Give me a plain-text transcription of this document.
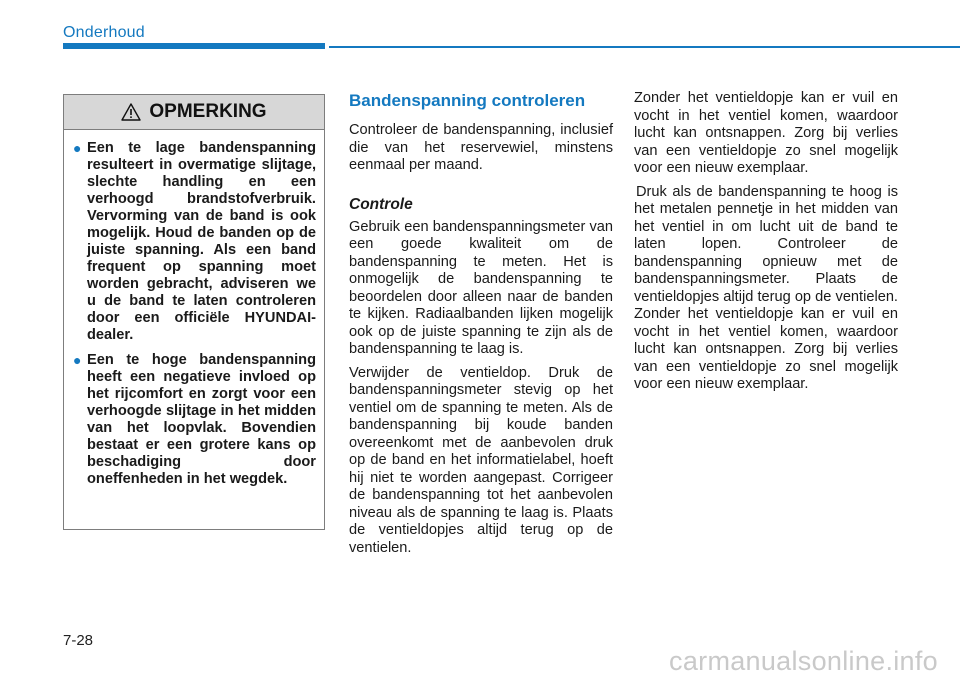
Onderhoud
OPMERKING
● Een te lage bandenspanning resulteert in overmatige slijtage, slechte handling en een verhoogd brandstofverbruik. Vervorming van de band is ook mogelijk. Houd de banden op de juiste spanning. Als een band frequent op spanning moet worden gebracht, adviseren we u de band te laten controleren door een officiële HYUNDAI-dealer.
● Een te hoge bandenspanning heeft een negatieve invloed op het rijcomfort en zorgt voor een verhoogde slijtage in het midden van het loopvlak. Bovendien bestaat er een grotere kans op beschadiging door oneffenheden in het wegdek.
Bandenspanning controleren

Controleer de bandenspanning, inclusief die van het reservewiel, minstens eenmaal per maand.

Controle

Gebruik een bandenspanningsmeter van een goede kwaliteit om de bandenspanning te meten. Het is onmogelijk de bandenspanning te beoordelen door alleen naar de banden te kijken. Radiaalbanden lijken mogelijk ook op de juiste spanning te zijn als de bandenspanning te laag is.

Verwijder de ventieldop. Druk de bandenspanningsmeter stevig op het ventiel om de spanning te meten. Als de bandenspanning bij koude banden overeenkomt met de aanbevolen druk op de band en het informatielabel, hoeft hij niet te worden aangepast. Corrigeer de bandenspanning tot het aanbevolen niveau als de spanning te laag is. Plaats de ventieldopjes altijd terug op de ventielen.

Zonder het ventieldopje kan er vuil en vocht in het ventiel komen, waardoor lucht kan ontsnappen. Zorg bij verlies van een ventieldopje zo snel mogelijk voor een nieuw exemplaar.

Druk als de bandenspanning te hoog is het metalen pennetje in het midden van het ventiel in om lucht uit de band te laten lopen. Controleer de bandenspanning opnieuw met de bandenspanningsmeter. Plaats de ventieldopjes altijd terug op de ventielen. Zonder het ventieldopje kan er vuil en vocht in het ventiel komen, waardoor lucht kan ontsnappen. Zorg bij verlies van een ventieldopje zo snel mogelijk voor een nieuw exemplaar.

7-28
carmanualsonline.info
